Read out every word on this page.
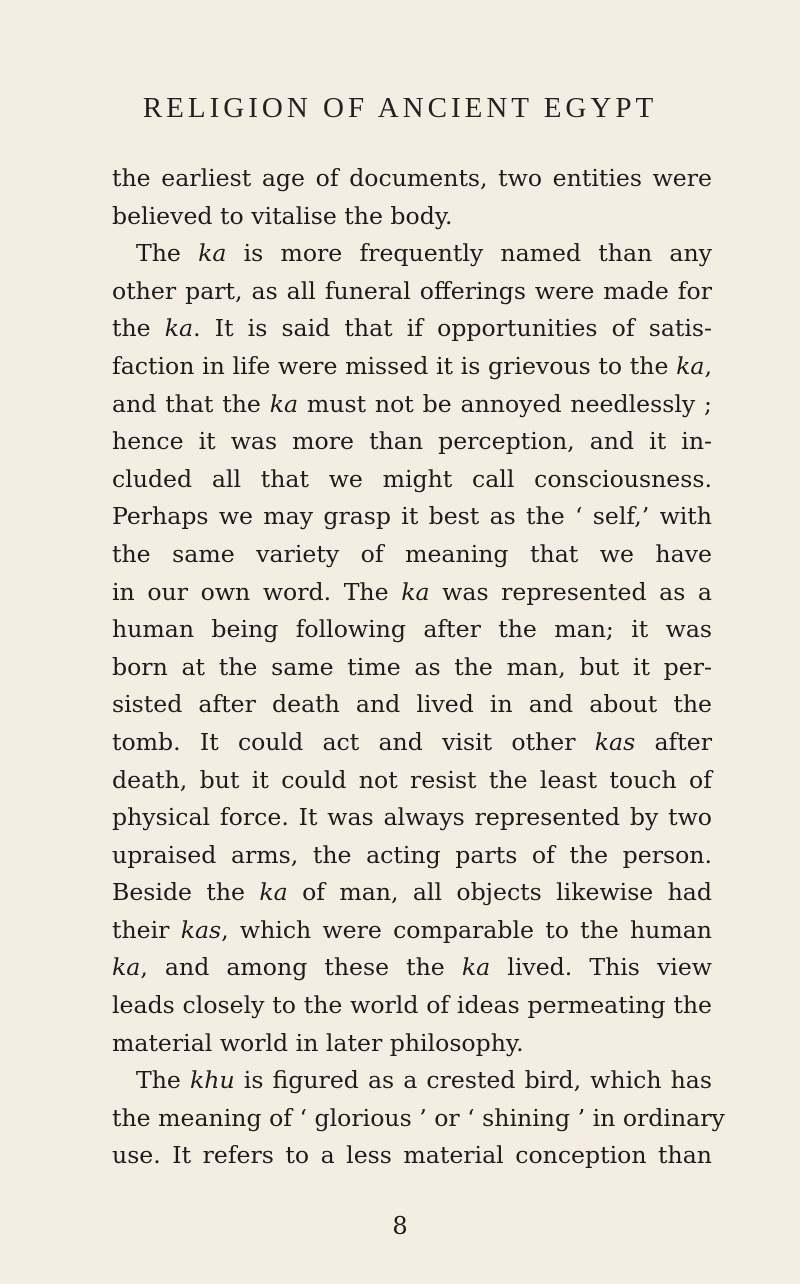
RELIGION OF ANCIENT EGYPT
the earliest age of documents, two entities were
believed to vitalise the body.
The ka is more frequently named than any
other part, as all funeral offerings were made for
the ka. It is said that if opportunities of satis-
faction in life were missed it is grievous to the ka,
and that the ka must not be annoyed needlessly ;
hence it was more than perception, and it in-
cluded all that we might call consciousness.
Perhaps we may grasp it best as the ‘ self,’ with
the same variety of meaning that we have
in our own word. The ka was represented as a
human being following after the man; it was
born at the same time as the man, but it per-
sisted after death and lived in and about the
tomb. It could act and visit other kas after
death, but it could not resist the least touch of
physical force. It was always represented by two
upraised arms, the acting parts of the person.
Beside the ka of man, all objects likewise had
their kas, which were comparable to the human
ka, and among these the ka lived. This view
leads closely to the world of ideas permeating the
material world in later philosophy.
The khu is figured as a crested bird, which has
the meaning of ‘ glorious ’ or ‘ shining ’ in ordinary
use. It refers to a less material conception than
8
